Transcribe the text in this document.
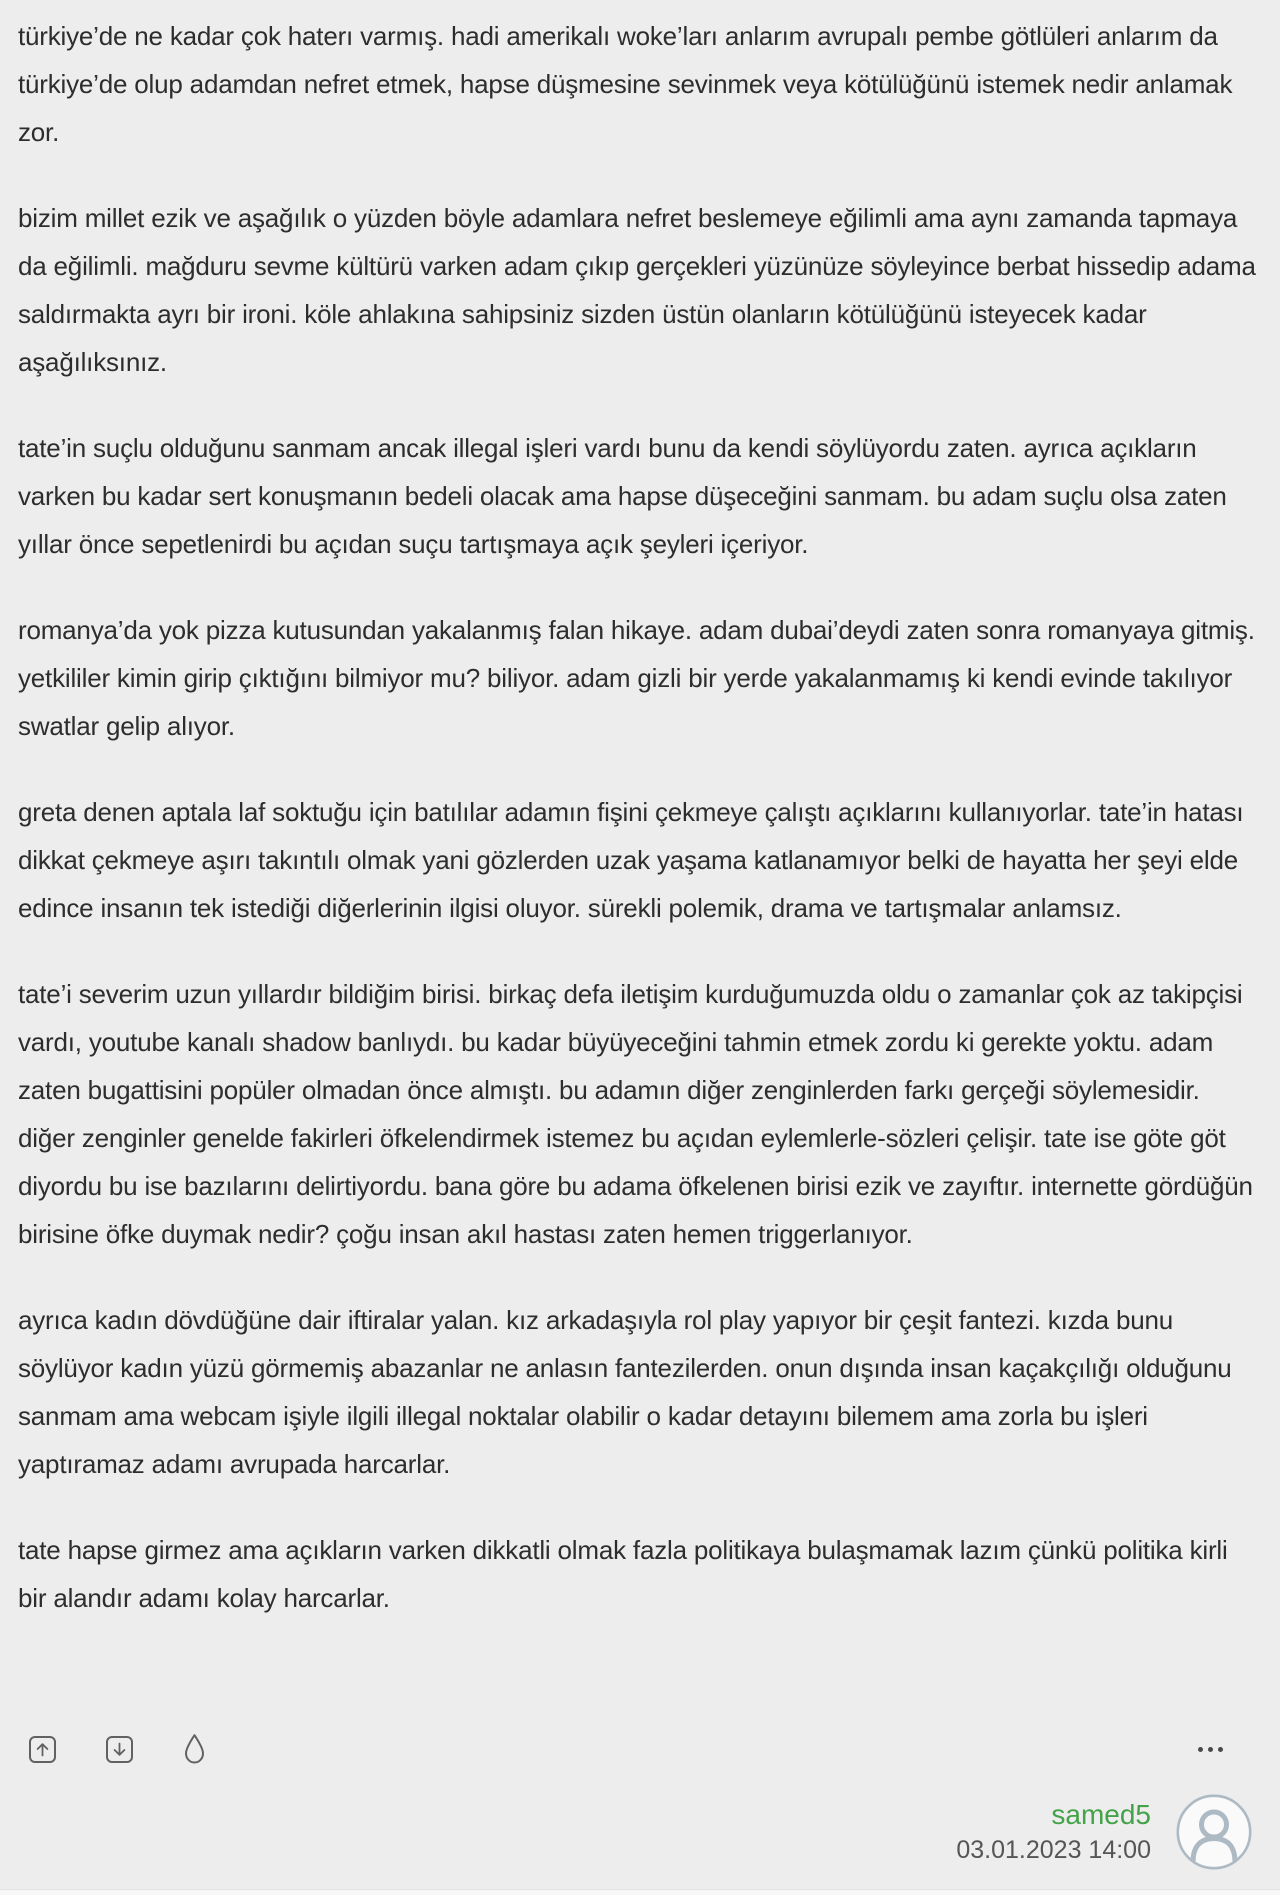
türkiye’de ne kadar çok haterı varmış. hadi amerikalı woke’ları anlarım avrupalı pembe götlüleri anlarım da türkiye’de olup adamdan nefret etmek, hapse düşmesine sevinmek veya kötülüğünü istemek nedir anlamak zor.

bizim millet ezik ve aşağılık o yüzden böyle adamlara nefret beslemeye eğilimli ama aynı zamanda tapmaya da eğilimli. mağduru sevme kültürü varken adam çıkıp gerçekleri yüzünüze söyleyince berbat hissedip adama saldırmakta ayrı bir ironi. köle ahlakına sahipsiniz sizden üstün olanların kötülüğünü isteyecek kadar aşağılıksınız.

tate’in suçlu olduğunu sanmam ancak illegal işleri vardı bunu da kendi söylüyordu zaten. ayrıca açıkların varken bu kadar sert konuşmanın bedeli olacak ama hapse düşeceğini sanmam. bu adam suçlu olsa zaten yıllar önce sepetlenirdi bu açıdan suçu tartışmaya açık şeyleri içeriyor.

romanya’da yok pizza kutusundan yakalanmış falan hikaye. adam dubai’deydi zaten sonra romanyaya gitmiş. yetkililer kimin girip çıktığını bilmiyor mu? biliyor. adam gizli bir yerde yakalanmamış ki kendi evinde takılıyor swatlar gelip alıyor.

greta denen aptala laf soktuğu için batılılar adamın fişini çekmeye çalıştı açıklarını kullanıyorlar. tate’in hatası dikkat çekmeye aşırı takıntılı olmak yani gözlerden uzak yaşama katlanamıyor belki de hayatta her şeyi elde edince insanın tek istediği diğerlerinin ilgisi oluyor. sürekli polemik, drama ve tartışmalar anlamsız.

tate’i severim uzun yıllardır bildiğim birisi. birkaç defa iletişim kurduğumuzda oldu o zamanlar çok az takipçisi vardı, youtube kanalı shadow banlıydı. bu kadar büyüyeceğini tahmin etmek zordu ki gerekte yoktu. adam zaten bugattisini popüler olmadan önce almıştı. bu adamın diğer zenginlerden farkı gerçeği söylemesidir. diğer zenginler genelde fakirleri öfkelendirmek istemez bu açıdan eylemlerle-sözleri çelişir. tate ise göte göt diyordu bu ise bazılarını delirtiyordu. bana göre bu adama öfkelenen birisi ezik ve zayıftır. internette gördüğün birisine öfke duymak nedir? çoğu insan akıl hastası zaten hemen triggerlanıyor.

ayrıca kadın dövdüğüne dair iftiralar yalan. kız arkadaşıyla rol play yapıyor bir çeşit fantezi. kızda bunu söylüyor kadın yüzü görmemiş abazanlar ne anlasın fantezilerden. onun dışında insan kaçakçılığı olduğunu sanmam ama webcam işiyle ilgili illegal noktalar olabilir o kadar detayını bilemem ama zorla bu işleri yaptıramaz adamı avrupada harcarlar.

tate hapse girmez ama açıkların varken dikkatli olmak fazla politikaya bulaşmamak lazım çünkü politika kirli bir alandır adamı kolay harcarlar.

samed5
03.01.2023 14:00
